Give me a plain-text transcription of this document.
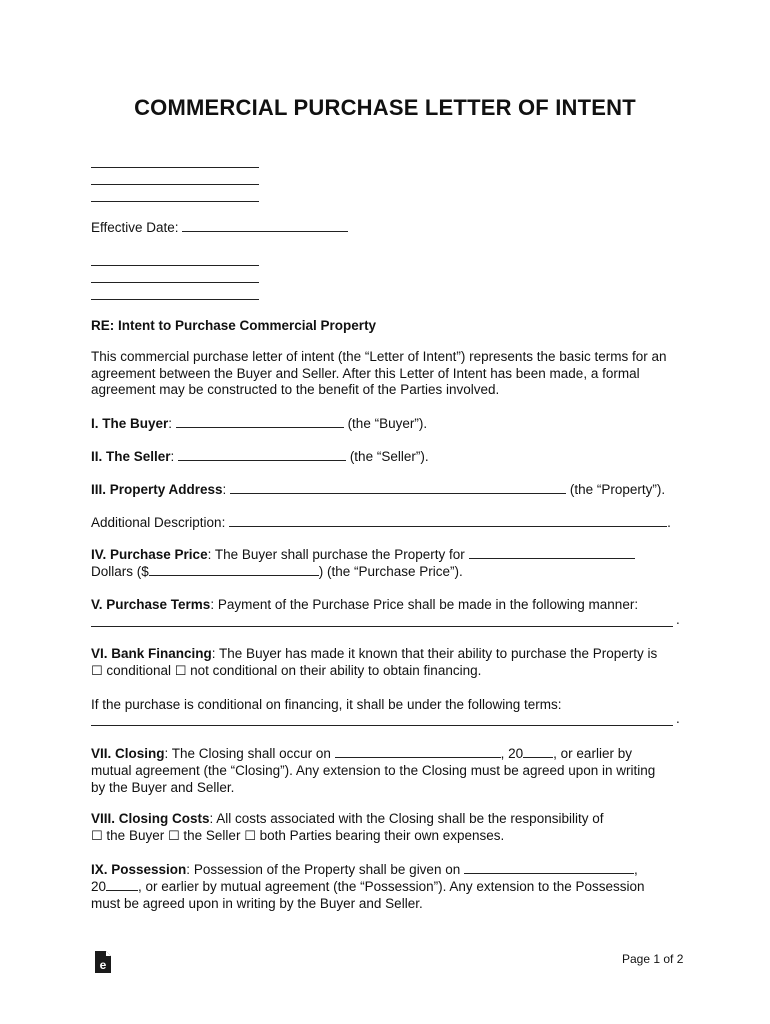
COMMERCIAL PURCHASE LETTER OF INTENT
Effective Date:
RE: Intent to Purchase Commercial Property
This commercial purchase letter of intent (the “Letter of Intent”) represents the basic terms for an agreement between the Buyer and Seller. After this Letter of Intent has been made, a formal agreement may be constructed to the benefit of the Parties involved.
I. The Buyer:	(the “Buyer”).
II. The Seller:	(the “Seller”).
III. Property Address:	(the “Property”).
Additional Description:	.
IV. Purchase Price: The Buyer shall purchase the Property for
Dollars ($	) (the “Purchase Price”).
V. Purchase Terms: Payment of the Purchase Price shall be made in the following manner:
.
VI. Bank Financing: The Buyer has made it known that their ability to purchase the Property is
☐ conditional ☐ not conditional on their ability to obtain financing.
If the purchase is conditional on financing, it shall be under the following terms:
.
VII. Closing: The Closing shall occur on	, 20 , or earlier by
mutual agreement (the “Closing”). Any extension to the Closing must be agreed upon in writing
by the Buyer and Seller.
VIII. Closing Costs: All costs associated with the Closing shall be the responsibility of
☐ the Buyer ☐ the Seller ☐ both Parties bearing their own expenses.
IX. Possession: Possession of the Property shall be given on	,
20 , or earlier by mutual agreement (the “Possession”). Any extension to the Possession
must be agreed upon in writing by the Buyer and Seller.
e	Page 1 of 2
